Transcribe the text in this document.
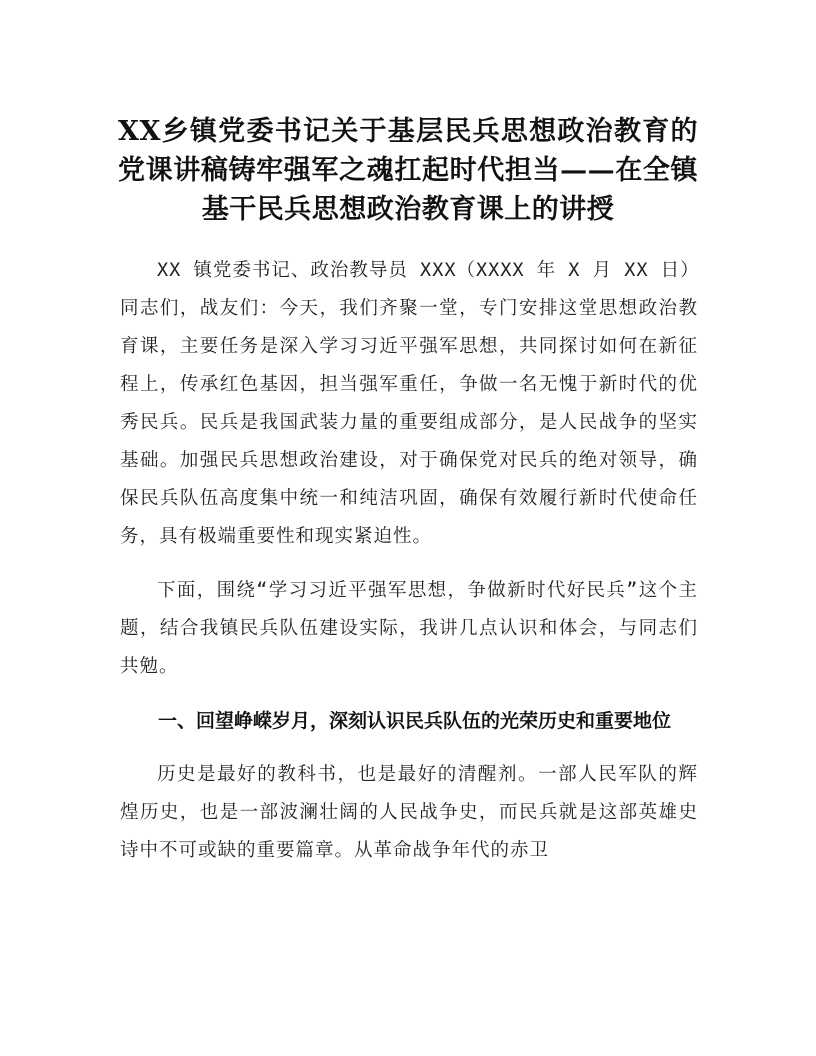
XX乡镇党委书记关于基层民兵思想政治教育的党课讲稿铸牢强军之魂扛起时代担当——在全镇基干民兵思想政治教育课上的讲授

XX 镇党委书记、政治教导员 XXX（XXXX 年 X 月 XX 日）

同志们，战友们：今天，我们齐聚一堂，专门安排这堂思想政治教育课，主要任务是深入学习习近平强军思想，共同探讨如何在新征程上，传承红色基因，担当强军重任，争做一名无愧于新时代的优秀民兵。民兵是我国武装力量的重要组成部分，是人民战争的坚实基础。加强民兵思想政治建设，对于确保党对民兵的绝对领导，确保民兵队伍高度集中统一和纯洁巩固，确保有效履行新时代使命任务，具有极端重要性和现实紧迫性。

下面，围绕“学习习近平强军思想，争做新时代好民兵”这个主题，结合我镇民兵队伍建设实际，我讲几点认识和体会，与同志们共勉。

一、回望峥嵘岁月，深刻认识民兵队伍的光荣历史和重要地位

历史是最好的教科书，也是最好的清醒剂。一部人民军队的辉煌历史，也是一部波澜壮阔的人民战争史，而民兵就是这部英雄史诗中不可或缺的重要篇章。从革命战争年代的赤卫
